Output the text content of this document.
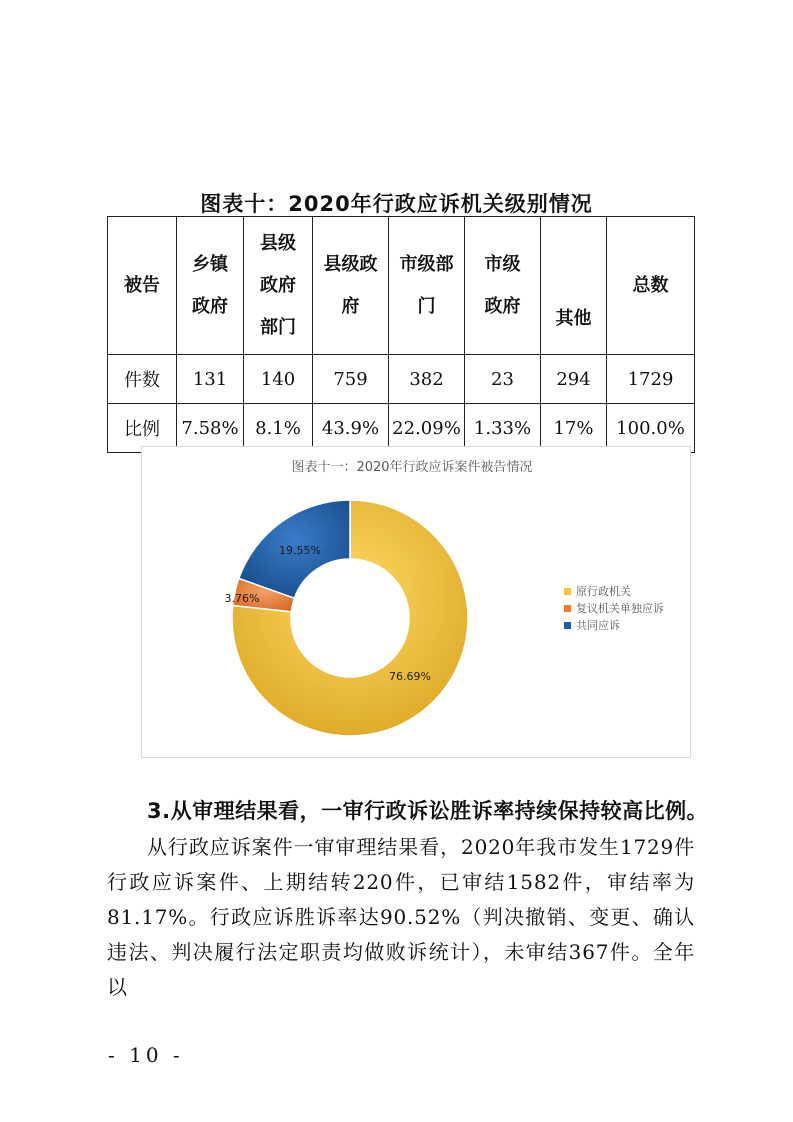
图表十：2020年行政应诉机关级别情况
被告	乡镇政府	县级政府部门	县级政府	市级部门	市级政府	其他	总数
件数	131	140	759	382	23	294	1729
比例	7.58%	8.1%	43.9%	22.09%	1.33%	17%	100.0%
图表十一：2020年行政应诉案件被告情况
76.69%
3.76%
19.55%
原行政机关
复议机关单独应诉
共同应诉
3.从审理结果看，一审行政诉讼胜诉率持续保持较高比例。
从行政应诉案件一审审理结果看，2020年我市发生1729件行政应诉案件、上期结转220件，已审结1582件，审结率为81.17%。行政应诉胜诉率达90.52%（判决撤销、变更、确认违法、判决履行法定职责均做败诉统计），未审结367件。全年以
- 10 -
